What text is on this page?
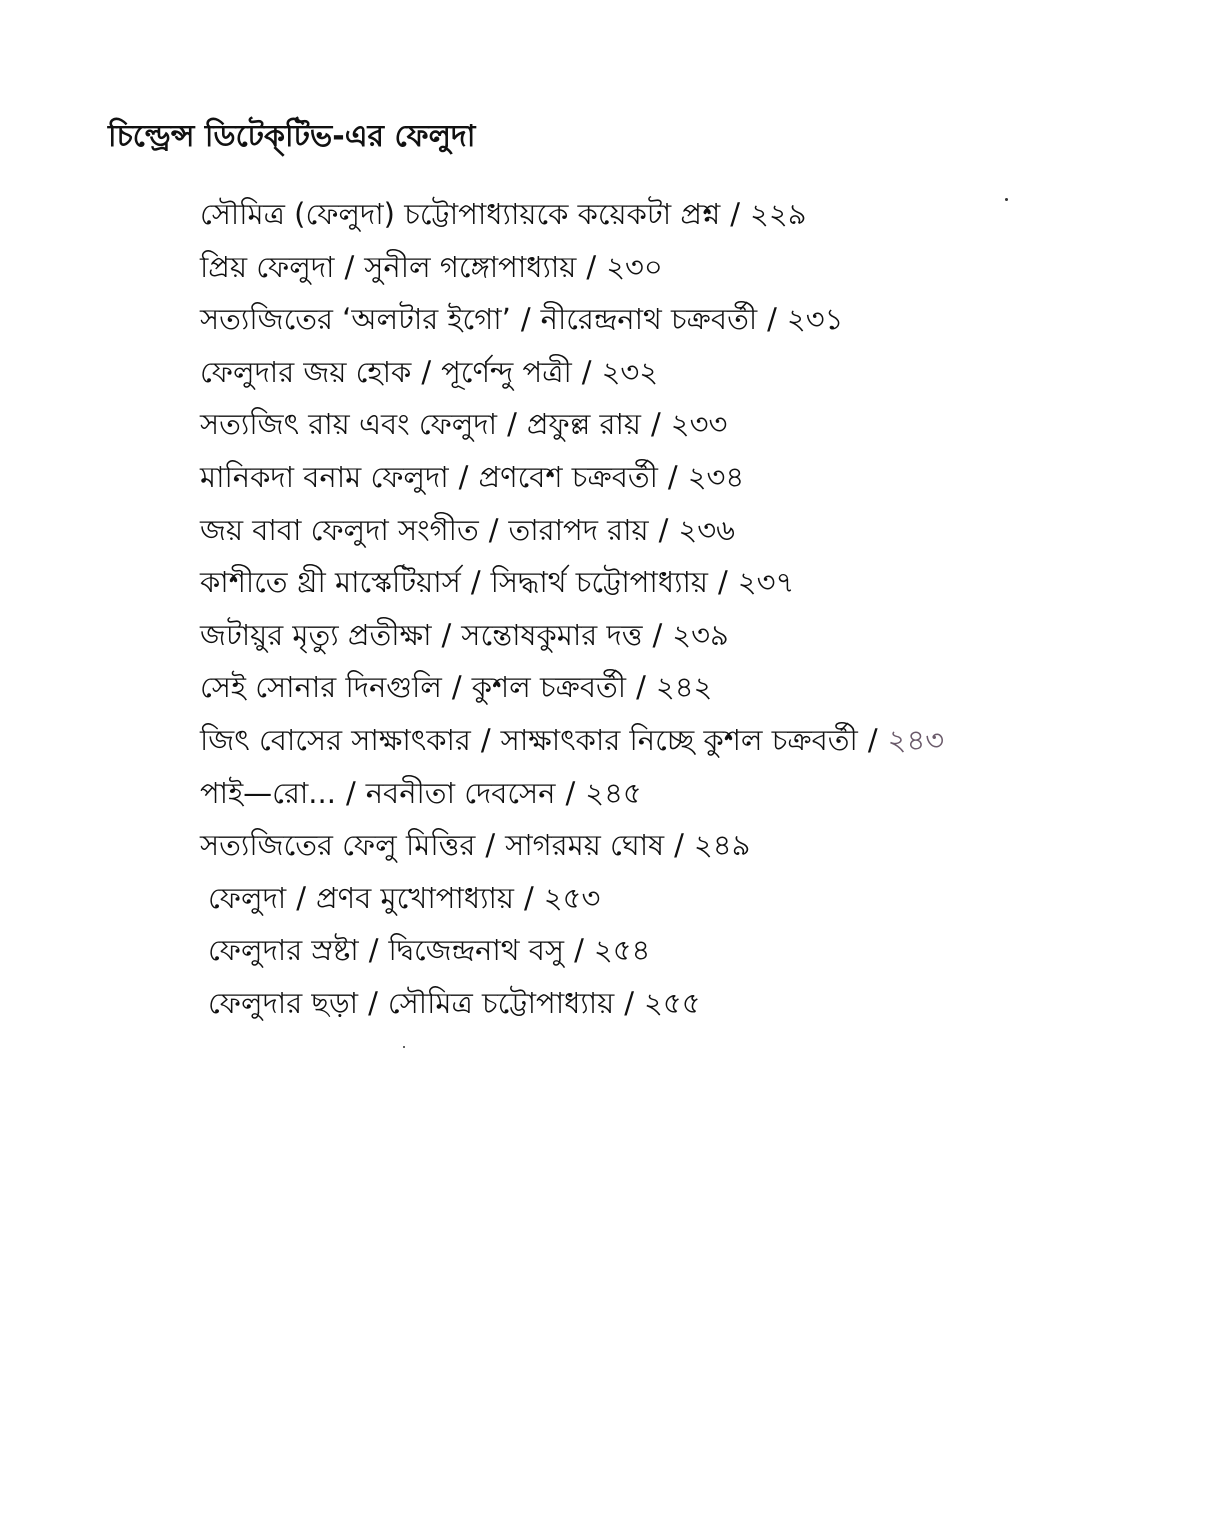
চিল্ড্রেন্স ডিটেক্‌টিভ-এর ফেলুদা
সৌমিত্র (ফেলুদা) চট্টোপাধ্যায়কে কয়েকটা প্রশ্ন / ২২৯
প্রিয় ফেলুদা / সুনীল গঙ্গোপাধ্যায় / ২৩০
সত্যজিতের ‘অলটার ইগো’ / নীরেন্দ্রনাথ চক্রবর্তী / ২৩১
ফেলুদার জয় হোক / পূর্ণেন্দু পত্রী / ২৩২
সত্যজিৎ রায় এবং ফেলুদা / প্রফুল্ল রায় / ২৩৩
মানিকদা বনাম ফেলুদা / প্রণবেশ চক্রবর্তী / ২৩৪
জয় বাবা ফেলুদা সংগীত / তারাপদ রায় / ২৩৬
কাশীতে থ্রী মাস্কেটিয়ার্স / সিদ্ধার্থ চট্টোপাধ্যায় / ২৩৭
জটায়ুর মৃত্যু প্রতীক্ষা / সন্তোষকুমার দত্ত / ২৩৯
সেই সোনার দিনগুলি / কুশল চক্রবর্তী / ২৪২
জিৎ বোসের সাক্ষাৎকার / সাক্ষাৎকার নিচ্ছে কুশল চক্রবর্তী / ২৪৩
পাই—রো... / নবনীতা দেবসেন / ২৪৫
সত্যজিতের ফেলু মিত্তির / সাগরময় ঘোষ / ২৪৯
ফেলুদা / প্রণব মুখোপাধ্যায় / ২৫৩
ফেলুদার স্রষ্টা / দ্বিজেন্দ্রনাথ বসু / ২৫৪
ফেলুদার ছড়া / সৌমিত্র চট্টোপাধ্যায় / ২৫৫
